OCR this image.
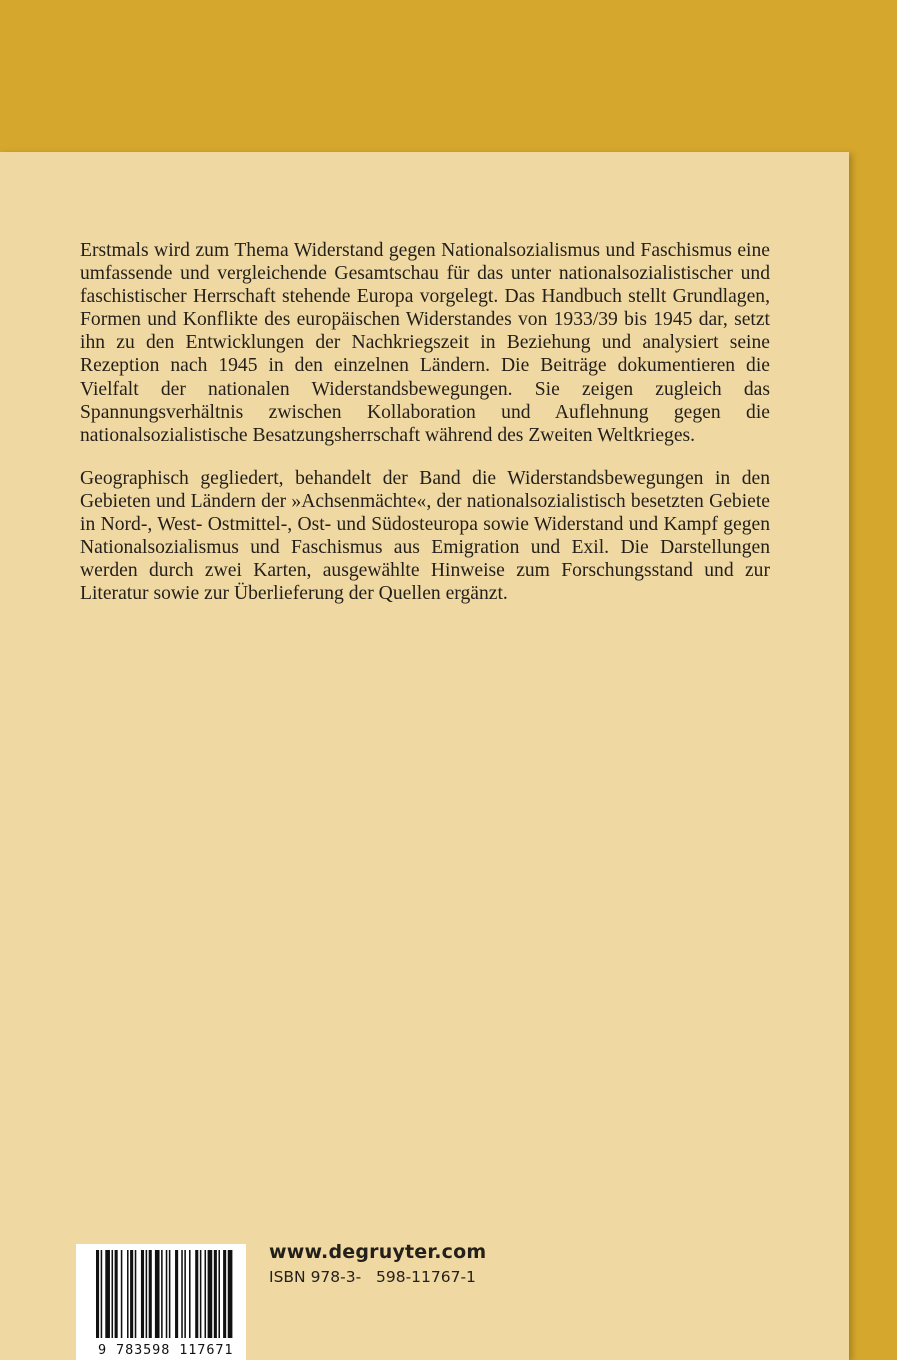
Erstmals wird zum Thema Widerstand gegen Nationalsozialismus und Faschismus eine umfassende und vergleichende Gesamtschau für das unter nationalsozialistischer und faschistischer Herrschaft stehende Europa vorgelegt. Das Handbuch stellt Grundlagen, Formen und Konflikte des europäischen Widerstandes von 1933/39 bis 1945 dar, setzt ihn zu den Entwicklungen der Nachkriegszeit in Beziehung und analysiert seine Rezeption nach 1945 in den einzelnen Ländern. Die Beiträge dokumentieren die Vielfalt der nationalen Widerstandsbewegungen. Sie zeigen zugleich das Spannungsverhältnis zwischen Kollaboration und Auflehnung gegen die nationalsozialistische Besatzungsherrschaft während des Zweiten Weltkrieges.

Geographisch gegliedert, behandelt der Band die Widerstandsbewegungen in den Gebieten und Ländern der »Achsenmächte«, der nationalsozialistisch besetzten Gebiete in Nord-, West- Ostmittel-, Ost- und Südosteuropa sowie Widerstand und Kampf gegen Nationalsozialismus und Faschismus aus Emigration und Exil. Die Darstellungen werden durch zwei Karten, ausgewählte Hinweise zum Forschungsstand und zur Literatur sowie zur Überlieferung der Quellen ergänzt.

9 783598 117671
www.degruyter.com
ISBN 978-3-   598-11767-1
